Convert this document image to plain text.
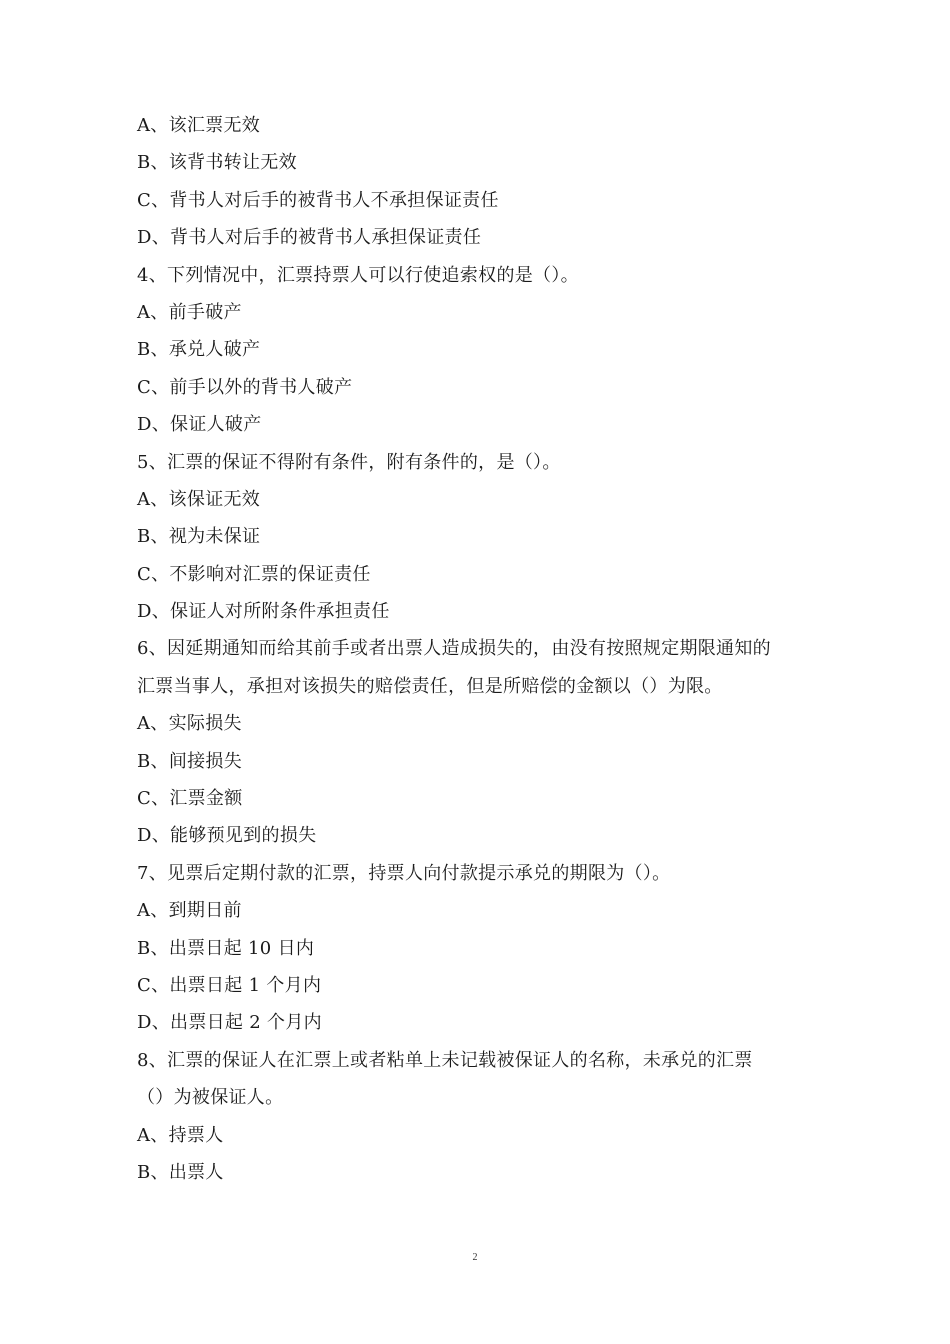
A、该汇票无效
B、该背书转让无效
C、背书人对后手的被背书人不承担保证责任
D、背书人对后手的被背书人承担保证责任
4、下列情况中，汇票持票人可以行使追索权的是（）。
A、前手破产
B、承兑人破产
C、前手以外的背书人破产
D、保证人破产
5、汇票的保证不得附有条件，附有条件的，是（）。
A、该保证无效
B、视为未保证
C、不影响对汇票的保证责任
D、保证人对所附条件承担责任
6、因延期通知而给其前手或者出票人造成损失的，由没有按照规定期限通知的
汇票当事人，承担对该损失的赔偿责任，但是所赔偿的金额以（）为限。
A、实际损失
B、间接损失
C、汇票金额
D、能够预见到的损失
7、见票后定期付款的汇票，持票人向付款提示承兑的期限为（）。
A、到期日前
B、出票日起 10 日内
C、出票日起 1 个月内
D、出票日起 2 个月内
8、汇票的保证人在汇票上或者粘单上未记载被保证人的名称，未承兑的汇票
（）为被保证人。
A、持票人
B、出票人
2
